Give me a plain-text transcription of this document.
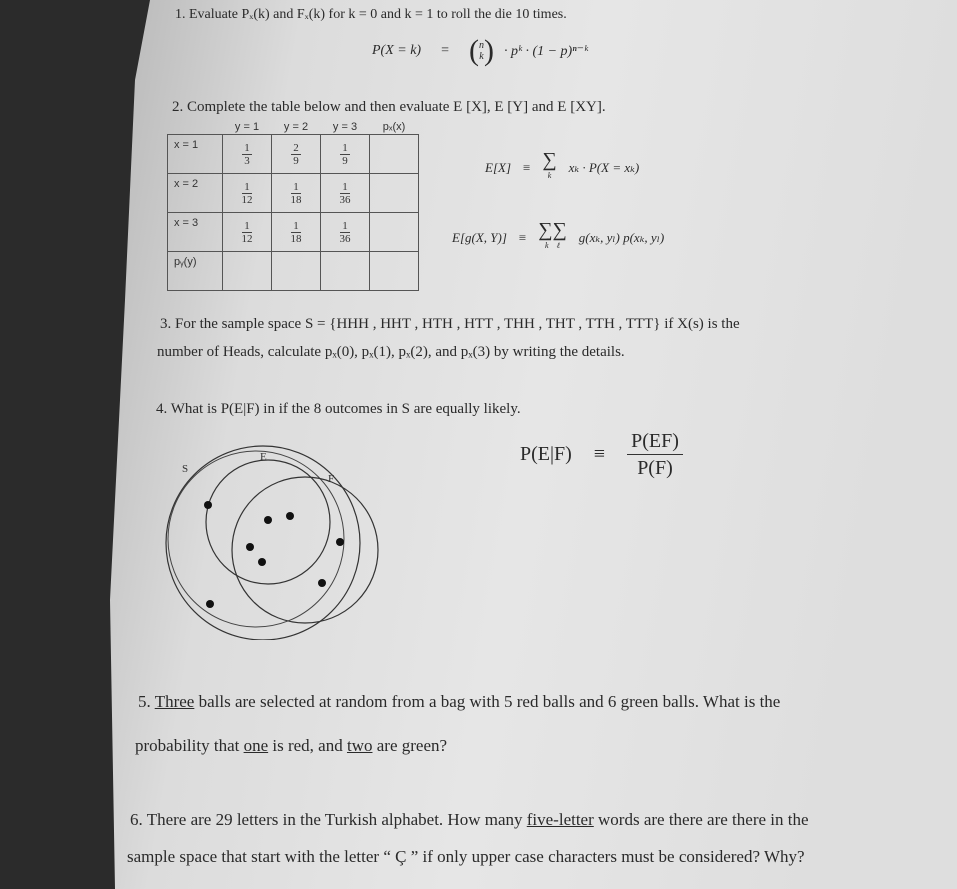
1. Evaluate Pₓ(k) and Fₓ(k) for k = 0 and k = 1 to roll the die 10 times.
P(X = k) = ( n
k ) · pᵏ · (1 − p)ⁿ⁻ᵏ
2. Complete the table below and then evaluate E [X], E [Y] and E [XY].
	y = 1	y = 2	y = 3	pₓ(x)
x = 1	$\frac{1}{3}$	$\frac{2}{9}$	$\frac{1}{9}$

x = 2	$\frac{1}{12}$	$\frac{1}{18}$	$\frac{1}{36}$

x = 3	$\frac{1}{12}$	$\frac{1}{18}$	$\frac{1}{36}$

pᵧ(y)				
E[X] ≡ ∑
k
xₖ · P(X = xₖ)
E[g(X, Y)] ≡ ∑∑
k    ℓ
g(xₖ, yₗ) p(xₖ, yₗ)
3. For the sample space S = {HHH , HHT , HTH , HTT , THH , THT , TTH , TTT} if X(s) is the
number of Heads, calculate pₓ(0), pₓ(1), pₓ(2), and pₓ(3) by writing the details.
4. What is P(E|F) in if the 8 outcomes in S are equally likely.
$P(E|F) \equiv \frac{P(EF)}{P(F)}$
S
E
F
5. Three balls are selected at random from a bag with 5 red balls and 6 green balls. What is the
probability that one is red, and two are green?
6. There are 29 letters in the Turkish alphabet. How many five-letter words are there are there in the
sample space that start with the letter “ Ç ” if only upper case characters must be considered? Why?
